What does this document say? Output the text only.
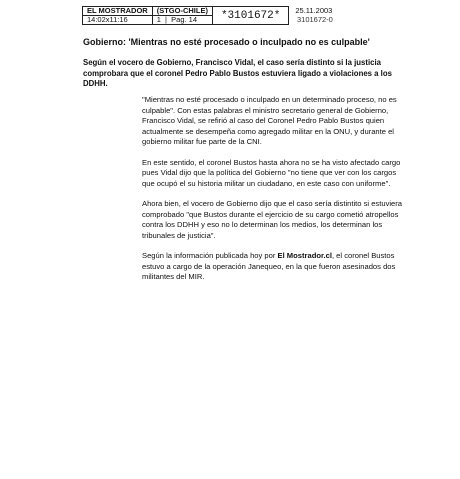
EL MOSTRADOR	(STGO-CHILE)	*3101672*	25.11.2003
14:02x11:16	1  |  Pag. 14		3101672-0
Gobierno: 'Mientras no esté procesado o inculpado no es culpable'
Según el vocero de Gobierno, Francisco Vidal, el caso sería distinto si la justicia comprobara que el coronel Pedro Pablo Bustos estuviera ligado a violaciones a los DDHH.

"Mientras no esté procesado o inculpado en un determinado proceso, no es culpable". Con estas palabras el ministro secretario general de Gobierno, Francisco Vidal, se refirió al caso del Coronel Pedro Pablo Bustos quien actualmente se desempeña como agregado militar en la ONU, y durante el gobierno militar fue parte de la CNI.

En este sentido, el coronel Bustos hasta ahora no se ha visto afectado cargo pues Vidal dijo que la política del Gobierno "no tiene que ver con los cargos que ocupó el su historia militar un ciudadano, en este caso con uniforme".

Ahora bien, el vocero de Gobierno dijo que el caso sería distintito si estuviera comprobado "que Bustos durante el ejercicio de su cargo cometió atropellos contra los DDHH y eso no lo determinan los medios, los determinan los tribunales de justicia".

Según la información publicada hoy por El Mostrador.cl, el coronel Bustos estuvo a cargo de la operación Janequeo, en la que fueron asesinados dos militantes del MIR.
